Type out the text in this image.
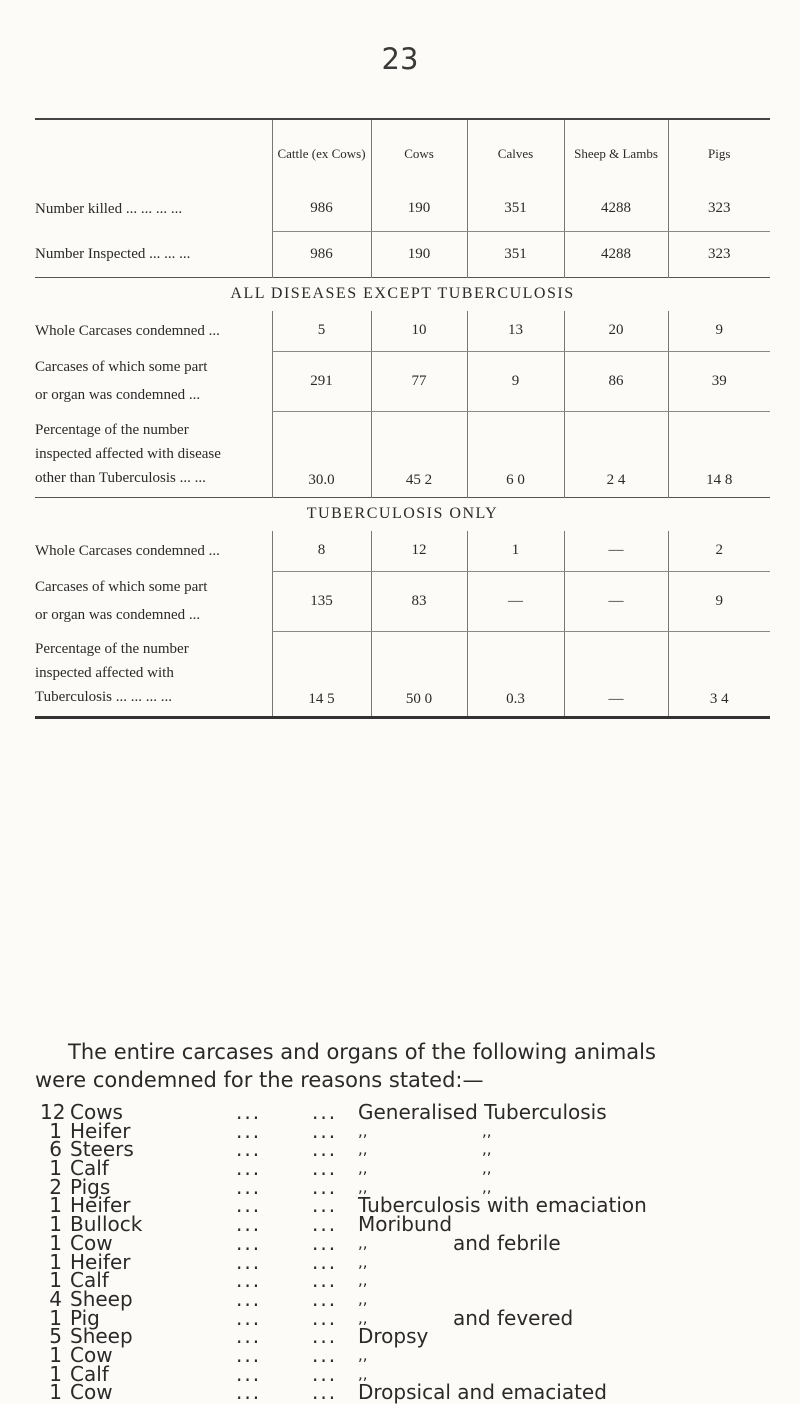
23
	Cattle (ex Cows)	Cows	Calves	Sheep & Lambs	Pigs
Number killed ... ... ... ...	986	190	351	4288	323
Number Inspected ... ... ...	986	190	351	4288	323
ALL DISEASES EXCEPT TUBERCULOSIS					
Whole Carcases condemned ...	5	10	13	20	9
Carcases of which some part
or organ was condemned ...	291	77	9	86	39
Percentage of the number
inspected affected with disease
other than Tuberculosis ... ...	30.0	45 2	6 0	2 4	14 8
TUBERCULOSIS ONLY					
Whole Carcases condemned ...	8	12	1	—	2
Carcases of which some part
or organ was condemned ...	135	83	—	—	9
Percentage of the number
inspected affected with
Tuberculosis ... ... ... ...	14 5	50 0	0.3	—	3 4
The entire carcases and organs of the following animals
were condemned for the reasons stated:—
12 Cows	...	... Generalised Tuberculosis
1 Heifer	...	... ,,	,,
6 Steers	...	... ,,	,,
1 Calf	...	... ,,	,,
2 Pigs	...	... ,,	,,
1 Heifer	...	... Tuberculosis with emaciation
1 Bullock	...	... Moribund
1 Cow	...	... ,,	and febrile
1 Heifer	...	... ,,
1 Calf	...	... ,,
4 Sheep	...	... ,,
1 Pig	...	... ,,	and fevered
5 Sheep	...	... Dropsy
1 Cow	...	... ,,
1 Calf	...	... ,,
1 Cow	...	... Dropsical and emaciated
